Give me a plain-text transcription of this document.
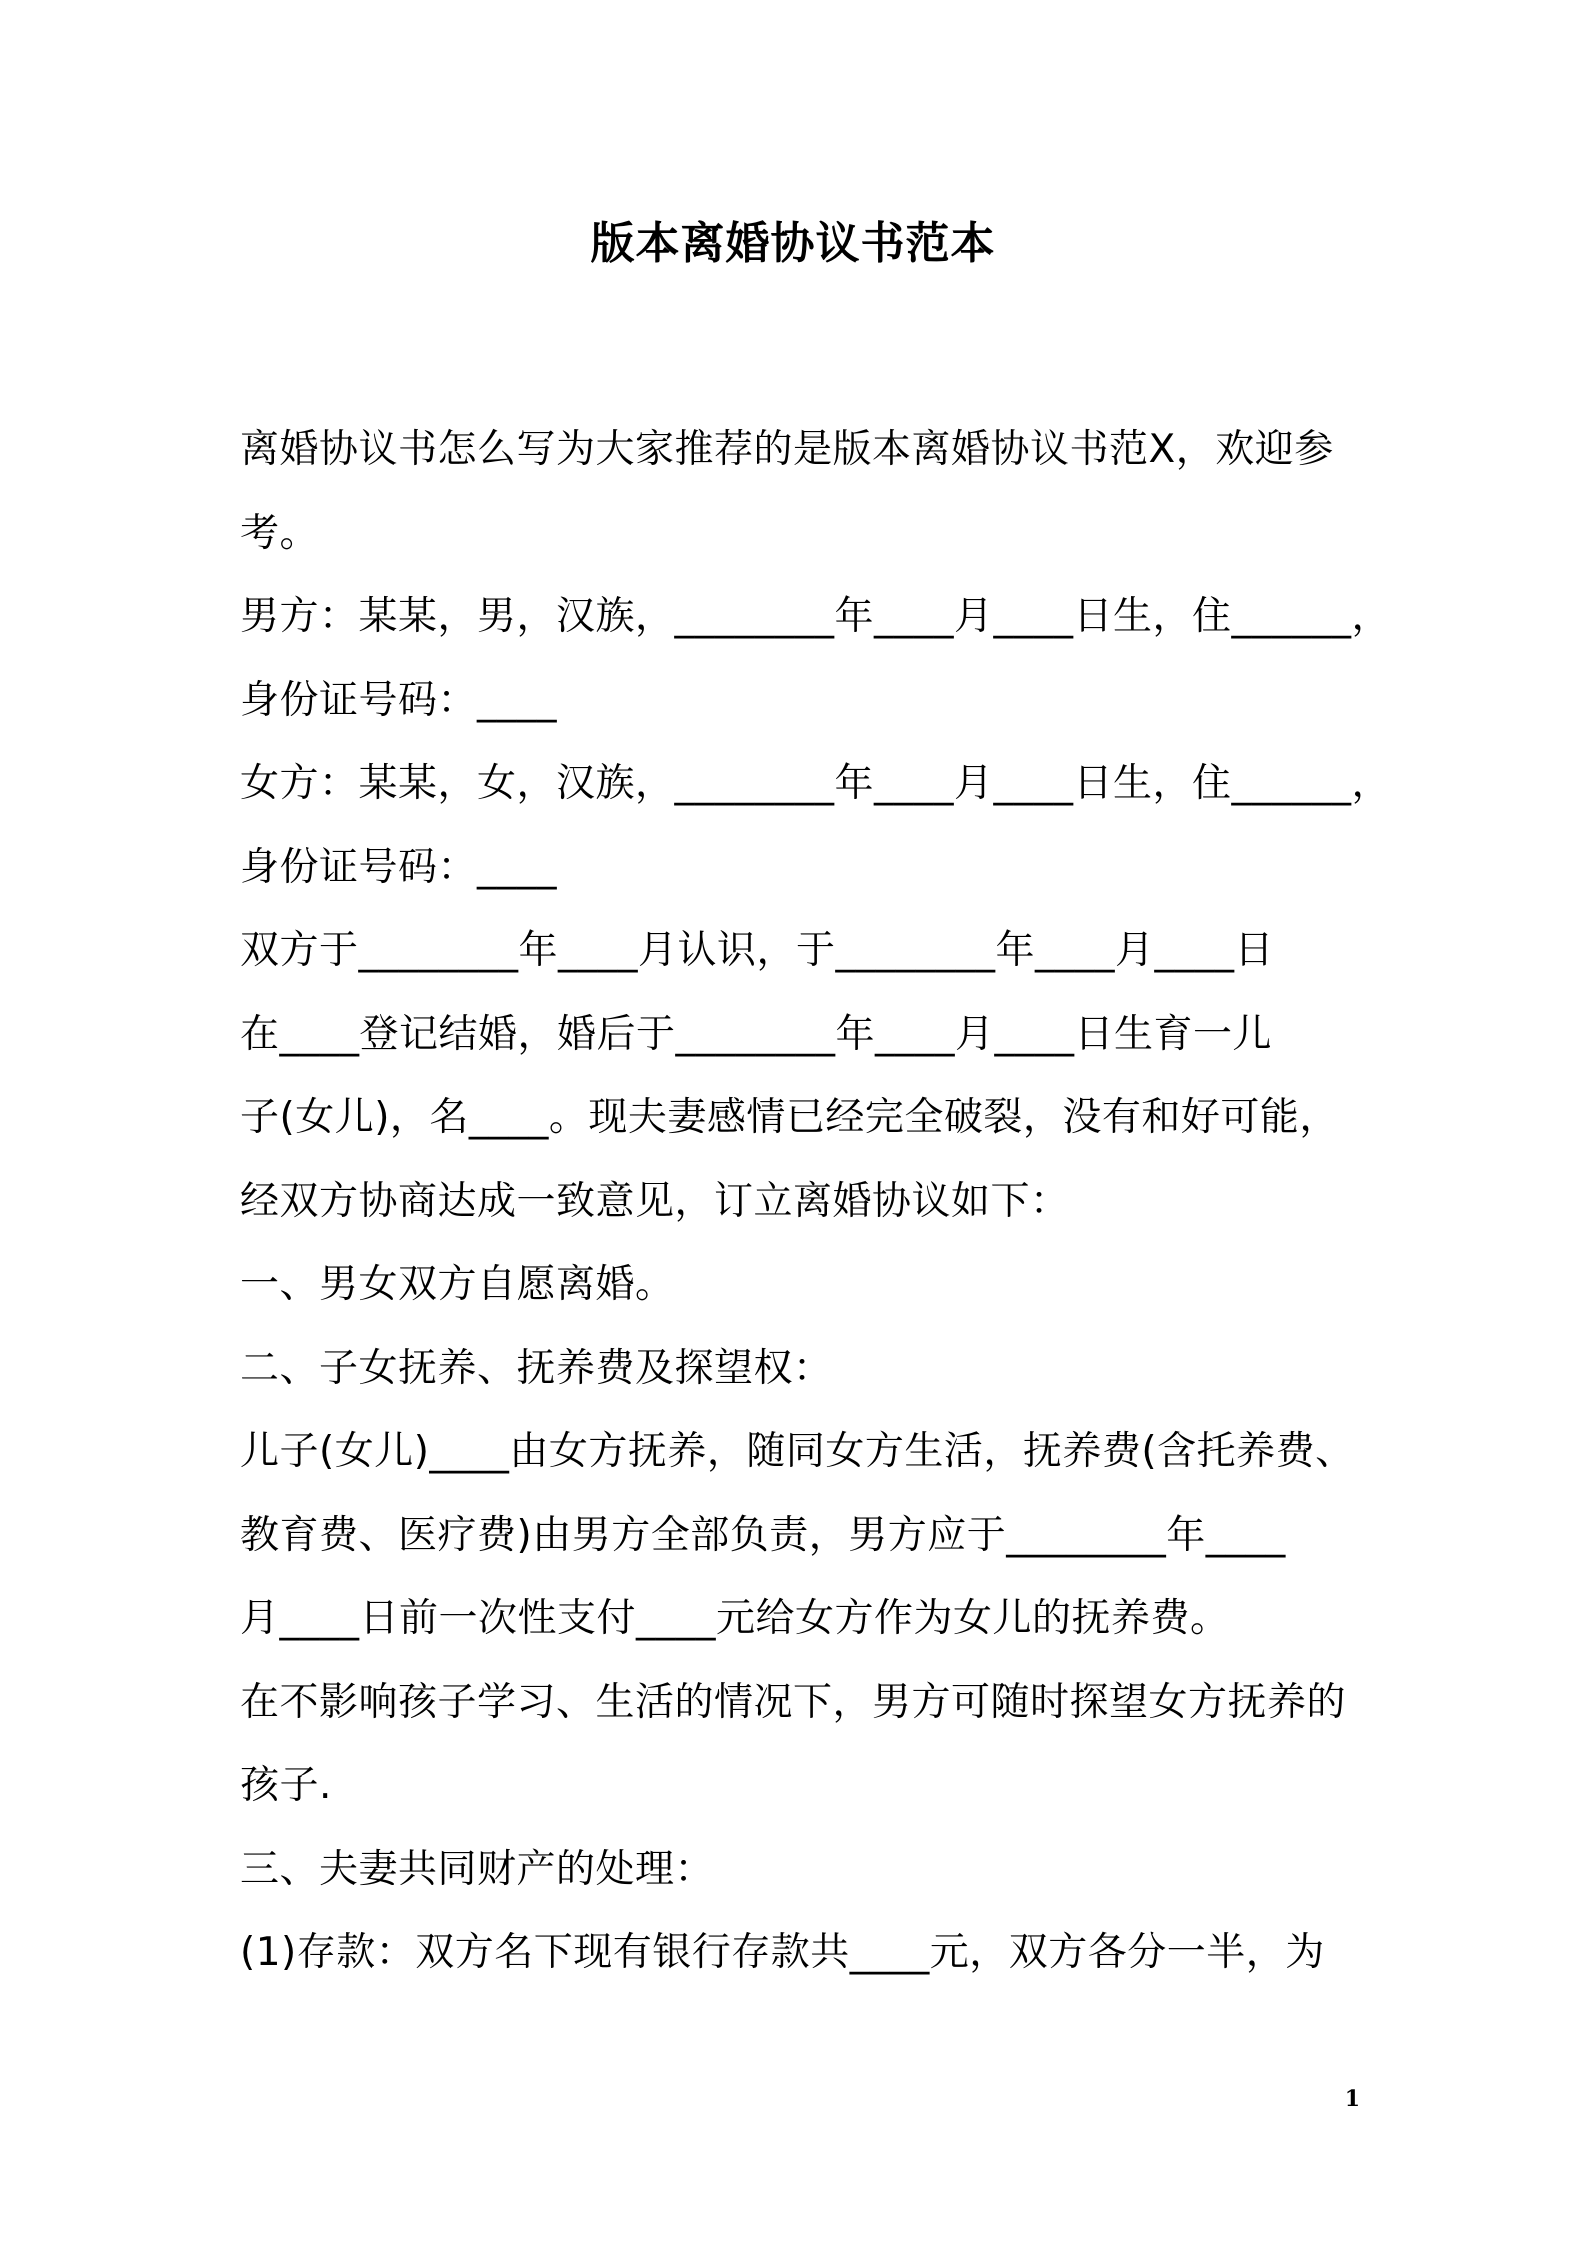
版本离婚协议书范本
离婚协议书怎么写为大家推荐的是版本离婚协议书范X，欢迎参
考。
男方：某某，男，汉族，________年____月____日生，住______，
身份证号码：____
女方：某某，女，汉族，________年____月____日生，住______，
身份证号码：____
双方于________年____月认识，于________年____月____日
在____登记结婚，婚后于________年____月____日生育一儿
子(女儿)，名____。现夫妻感情已经完全破裂，没有和好可能，
经双方协商达成一致意见，订立离婚协议如下：
一、男女双方自愿离婚。
二、子女抚养、抚养费及探望权：
儿子(女儿)____由女方抚养，随同女方生活，抚养费(含托养费、
教育费、医疗费)由男方全部负责，男方应于________年____
月____日前一次性支付____元给女方作为女儿的抚养费。
在不影响孩子学习、生活的情况下，男方可随时探望女方抚养的
孩子.
三、夫妻共同财产的处理：
(1)存款：双方名下现有银行存款共____元，双方各分一半，为
1
